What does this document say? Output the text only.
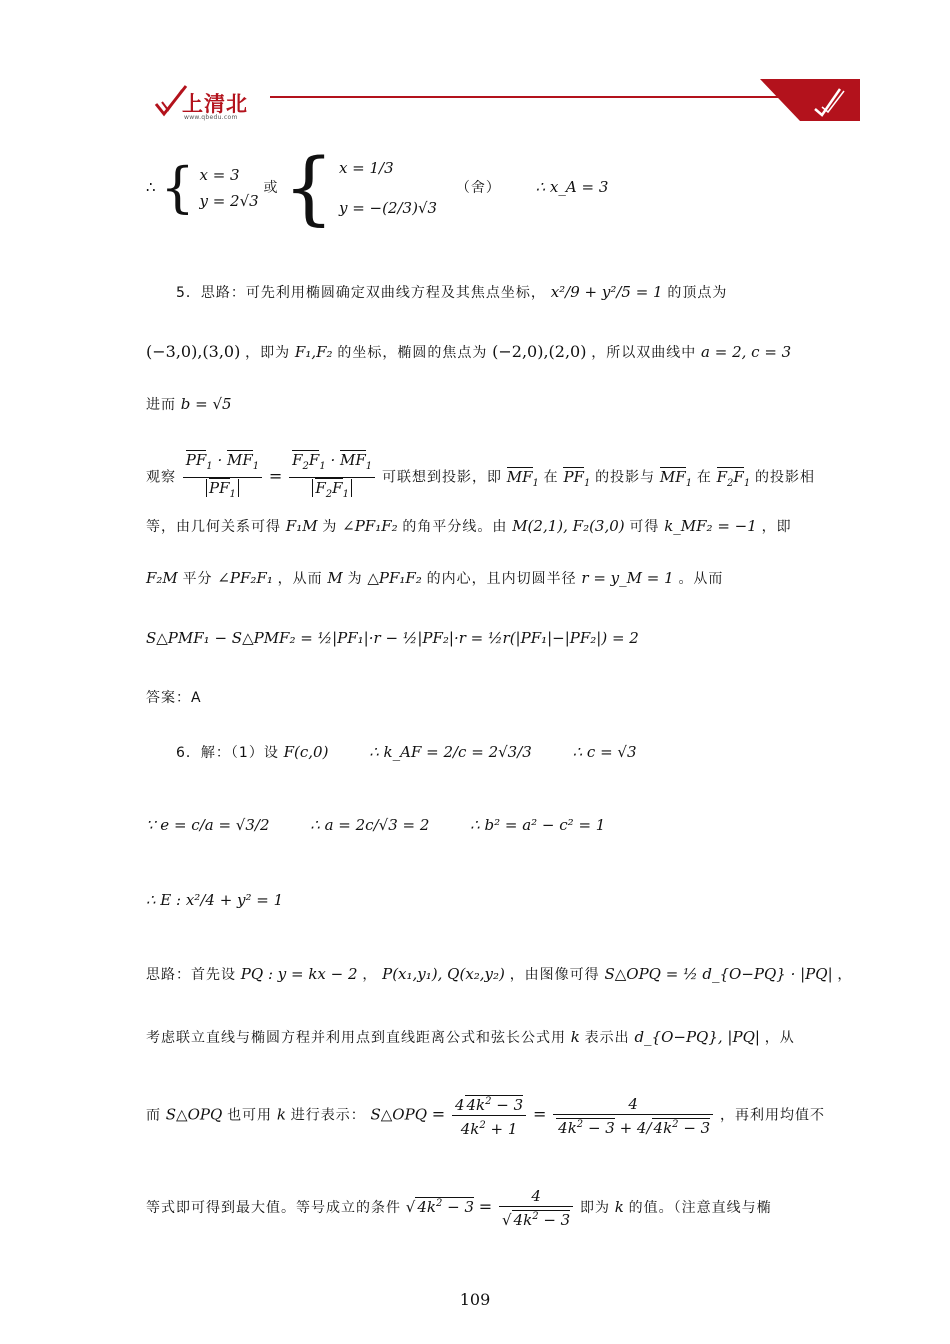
上清北
www.qbedu.com
∴ { x = 3
y = 2√3
或 { x = 1/3
y = −(2/3)√3
（舍） ∴ x_A = 3
5．思路：可先利用椭圆确定双曲线方程及其焦点坐标， x²/9 + y²/5 = 1 的顶点为
(−3,0),(3,0) ，即为 F₁,F₂ 的坐标，椭圆的焦点为 (−2,0),(2,0) ，所以双曲线中 a = 2, c = 3
进而 b = √5
观察 $\frac{PF_1 \cdot MF_1}{PF_1} = \frac{F_2F_1 \cdot MF_1}{F_2F_1}$ 可联想到投影，即 $MF_1$ 在 $PF_1$ 的投影与 $MF_1$ 在 $F_2F_1$ 的投影相
等，由几何关系可得 F₁M 为 ∠PF₁F₂ 的角平分线。由 M(2,1), F₂(3,0) 可得 k_MF₂ = −1 ，即
F₂M 平分 ∠PF₂F₁ ，从而 M 为 △PF₁F₂ 的内心，且内切圆半径 r = y_M = 1 。从而
S△PMF₁ − S△PMF₂ = ½|PF₁|·r − ½|PF₂|·r = ½r(|PF₁|−|PF₂|) = 2
答案：A
6．解：（1）设 F(c,0)	∴ k_AF = 2/c = 2√3/3	∴ c = √3
∵ e = c/a = √3/2	∴ a = 2c/√3 = 2	∴ b² = a² − c² = 1
∴ E : x²/4 + y² = 1
思路：首先设 PQ : y = kx − 2 ， P(x₁,y₁), Q(x₂,y₂) ，由图像可得 S△OPQ = ½ d_{O−PQ} · |PQ| ，
考虑联立直线与椭圆方程并利用点到直线距离公式和弦长公式用 k 表示出 d_{O−PQ}, |PQ| ，从
而 S△OPQ 也可用 k 进行表示： S△OPQ = $\frac{4 4k^2 - 3}{4k^2 + 1} = \frac{4}{4k^2 - 3 + 4/ 4k^2 - 3}$ ，再利用均值不
等式即可得到最大值。等号成立的条件 √ $4k^2 - 3 = \frac{4}{√ 4k^2 - 3}$ 即为 k 的值。（注意直线与椭
109
